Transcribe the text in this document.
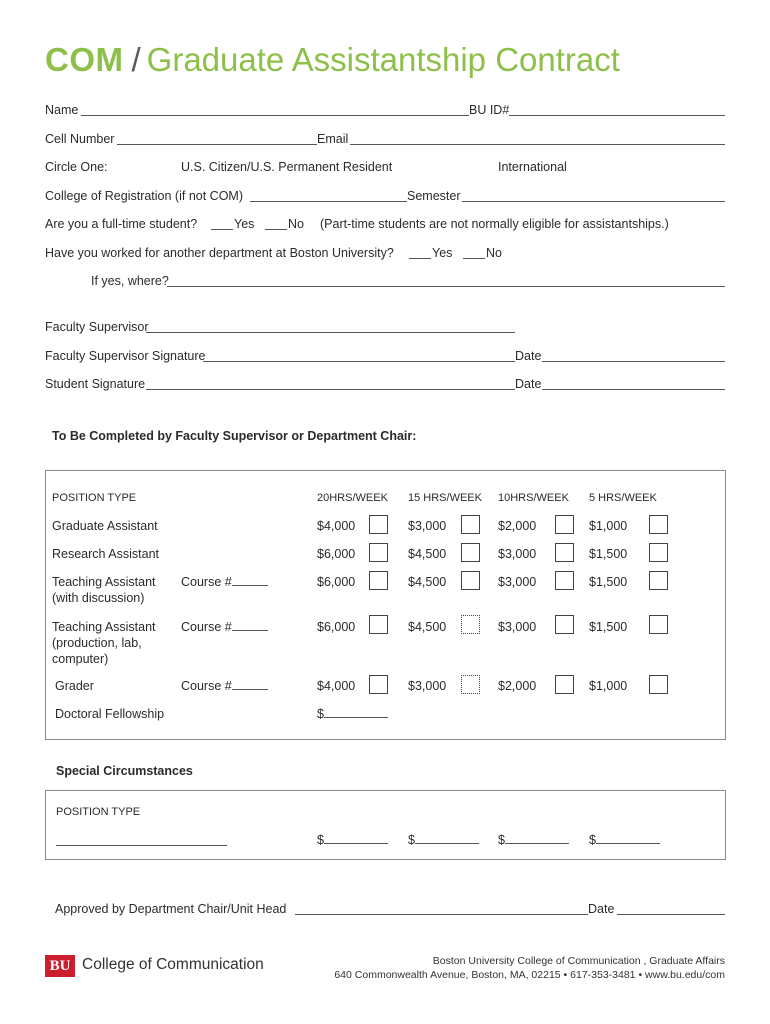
COM / Graduate Assistantship Contract
Name	BU ID#
Cell Number	Email
Circle One:	U.S. Citizen/U.S. Permanent Resident	International
College of Registration (if not COM)	Semester
Are you a full-time student?	Yes	No (Part-time students are not normally eligible for assistantships.)
Have you worked for another department at Boston University?	Yes	No
If yes, where?
Faculty Supervisor
Faculty Supervisor Signature	Date
Student Signature	Date
To Be Completed by Faculty Supervisor or Department Chair:
POSITION TYPE	20HRS/WEEK 15 HRS/WEEK 10HRS/WEEK 5 HRS/WEEK
Graduate Assistant	$4,000	$3,000	$2,000	$1,000
Research Assistant	$6,000	$4,500	$3,000	$1,500
Teaching Assistant
(with discussion)
Course #	$6,000	$4,500	$3,000	$1,500
Teaching Assistant
(production, lab,
computer)
Course #	$6,000	$4,500	$3,000	$1,500
Grader	Course #	$4,000	$3,000	$2,000	$1,000
Doctoral Fellowship	$
Special Circumstances
POSITION TYPE
$	$	$	$
Approved by Department Chair/Unit Head	Date
BU College of Communication	Boston University College of Communication , Graduate Affairs
640 Commonwealth Avenue, Boston, MA, 02215 • 617-353-3481 • www.bu.edu/com
